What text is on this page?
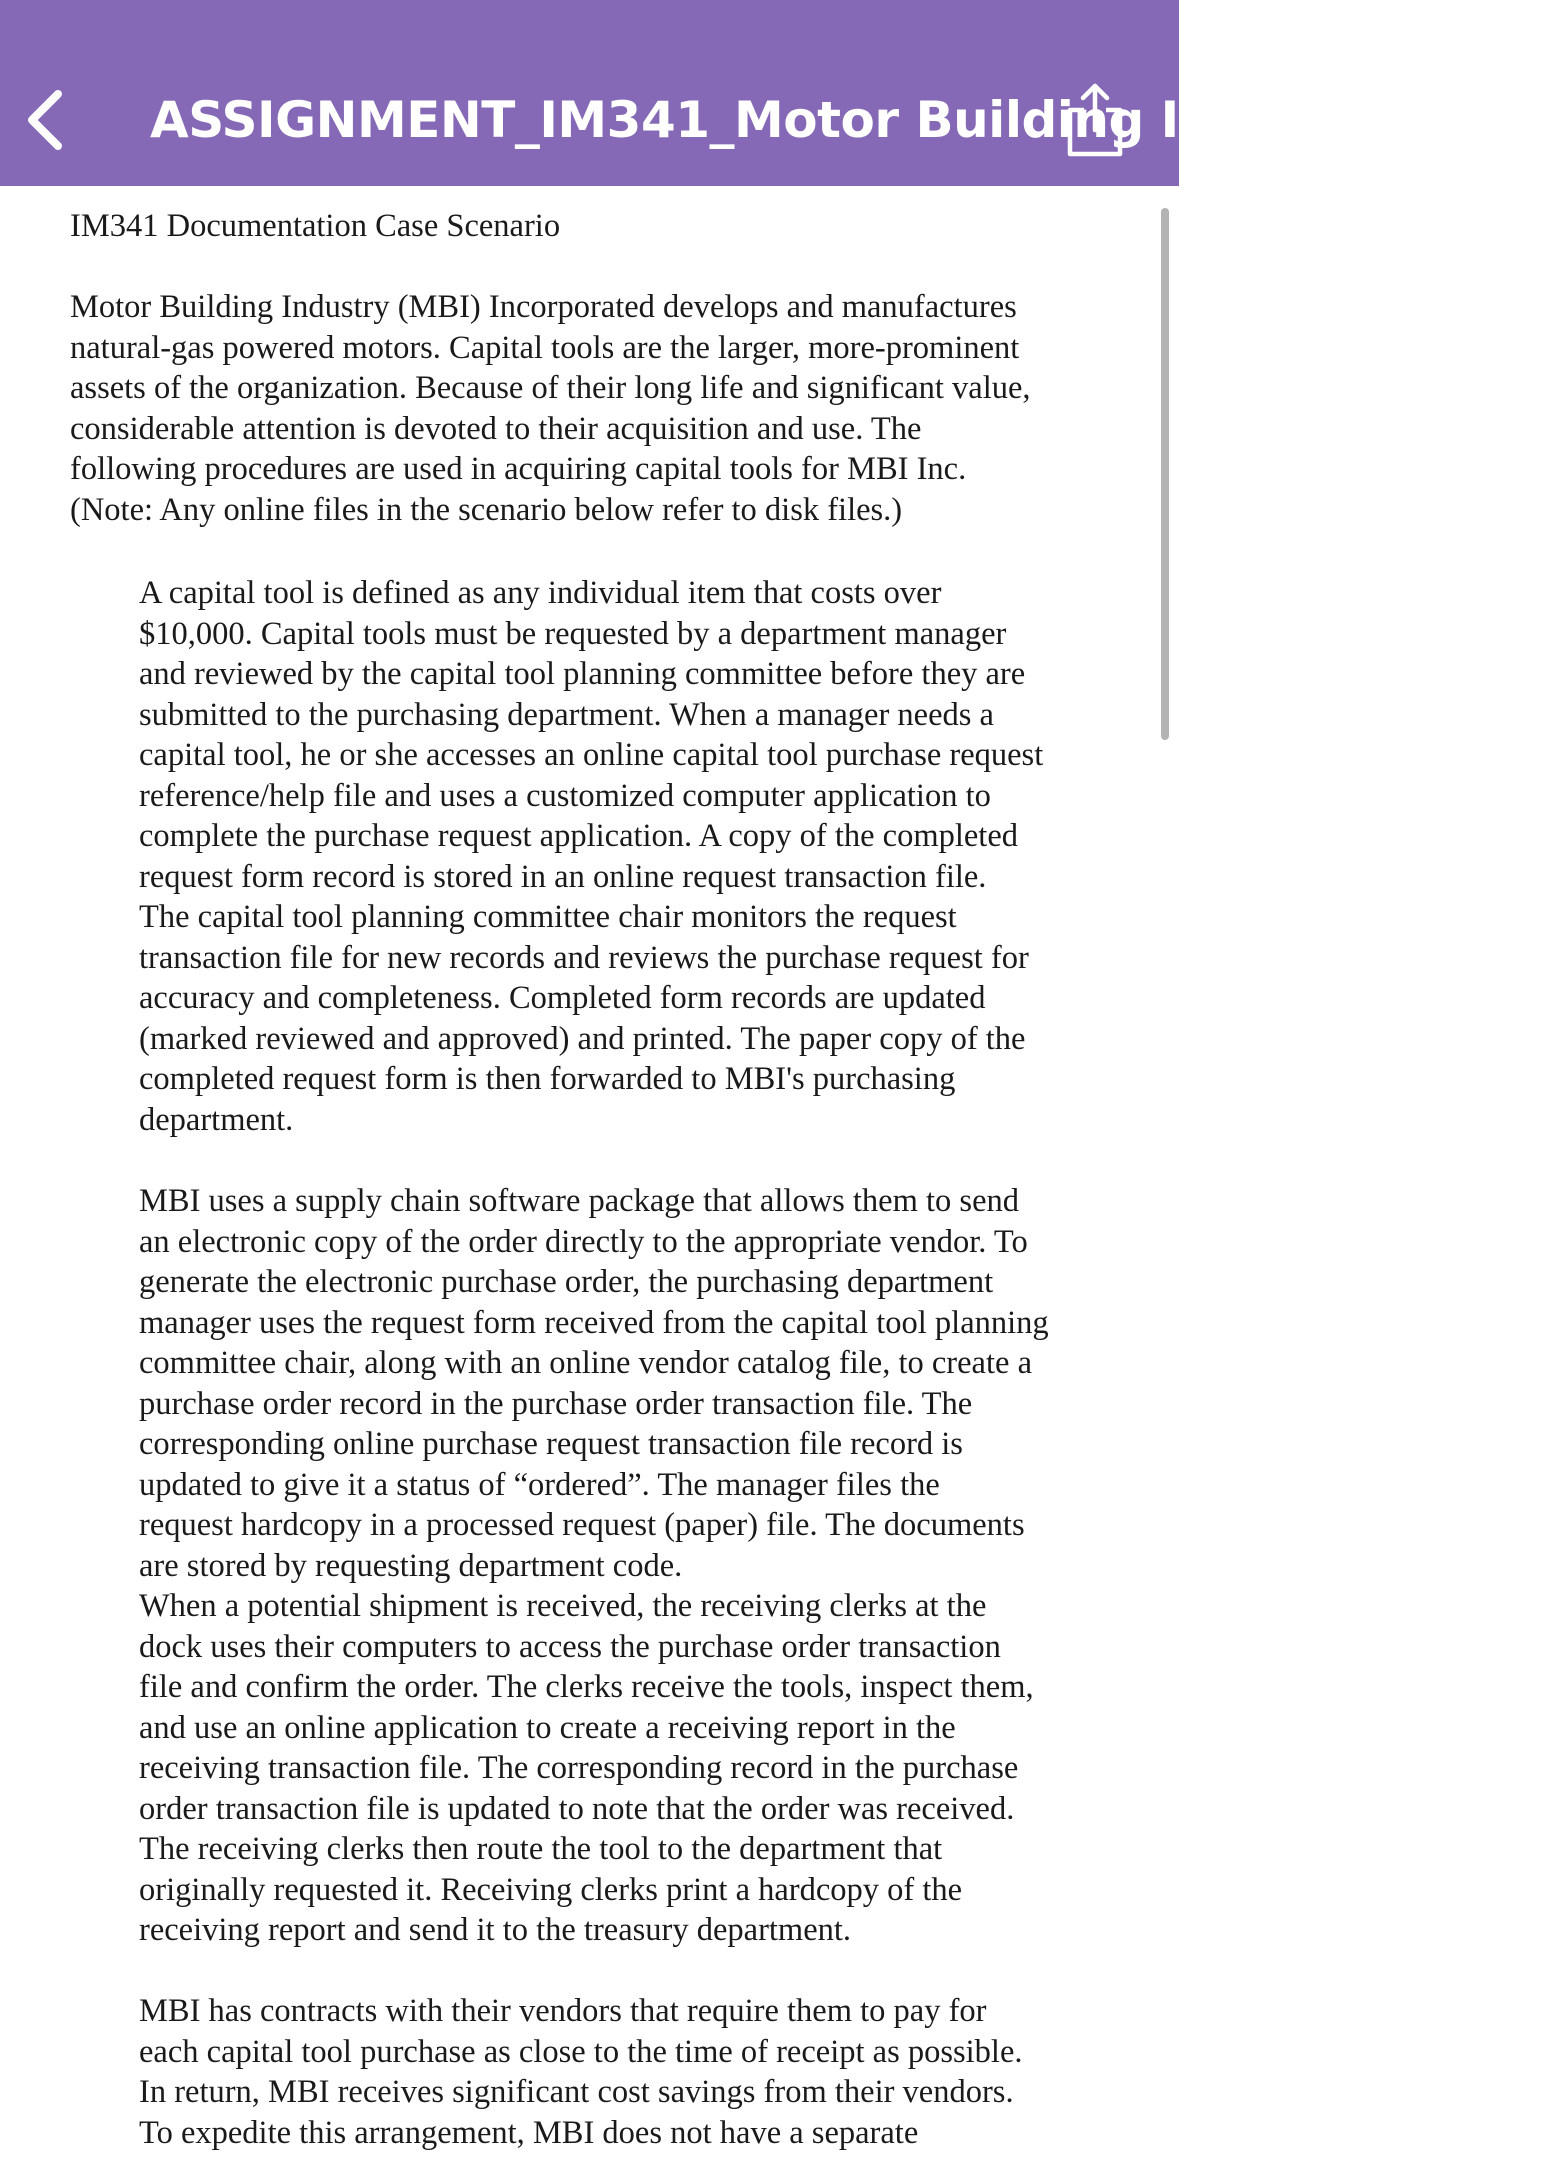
ASSIGNMENT_IM341_Motor Building Industry Case

IM341 Documentation Case Scenario

Motor Building Industry (MBI) Incorporated develops and manufactures
natural-gas powered motors. Capital tools are the larger, more-prominent
assets of the organization. Because of their long life and significant value,
considerable attention is devoted to their acquisition and use. The
following procedures are used in acquiring capital tools for MBI Inc.
(Note: Any online files in the scenario below refer to disk files.)

A capital tool is defined as any individual item that costs over
$10,000. Capital tools must be requested by a department manager
and reviewed by the capital tool planning committee before they are
submitted to the purchasing department. When a manager needs a
capital tool, he or she accesses an online capital tool purchase request
reference/help file and uses a customized computer application to
complete the purchase request application. A copy of the completed
request form record is stored in an online request transaction file.
The capital tool planning committee chair monitors the request
transaction file for new records and reviews the purchase request for
accuracy and completeness. Completed form records are updated
(marked reviewed and approved) and printed. The paper copy of the
completed request form is then forwarded to MBI's purchasing
department.

MBI uses a supply chain software package that allows them to send
an electronic copy of the order directly to the appropriate vendor. To
generate the electronic purchase order, the purchasing department
manager uses the request form received from the capital tool planning
committee chair, along with an online vendor catalog file, to create a
purchase order record in the purchase order transaction file. The
corresponding online purchase request transaction file record is
updated to give it a status of “ordered”. The manager files the
request hardcopy in a processed request (paper) file. The documents
are stored by requesting department code.

When a potential shipment is received, the receiving clerks at the
dock uses their computers to access the purchase order transaction
file and confirm the order. The clerks receive the tools, inspect them,
and use an online application to create a receiving report in the
receiving transaction file. The corresponding record in the purchase
order transaction file is updated to note that the order was received.
The receiving clerks then route the tool to the department that
originally requested it. Receiving clerks print a hardcopy of the
receiving report and send it to the treasury department.

MBI has contracts with their vendors that require them to pay for
each capital tool purchase as close to the time of receipt as possible.
In return, MBI receives significant cost savings from their vendors.
To expedite this arrangement, MBI does not have a separate
